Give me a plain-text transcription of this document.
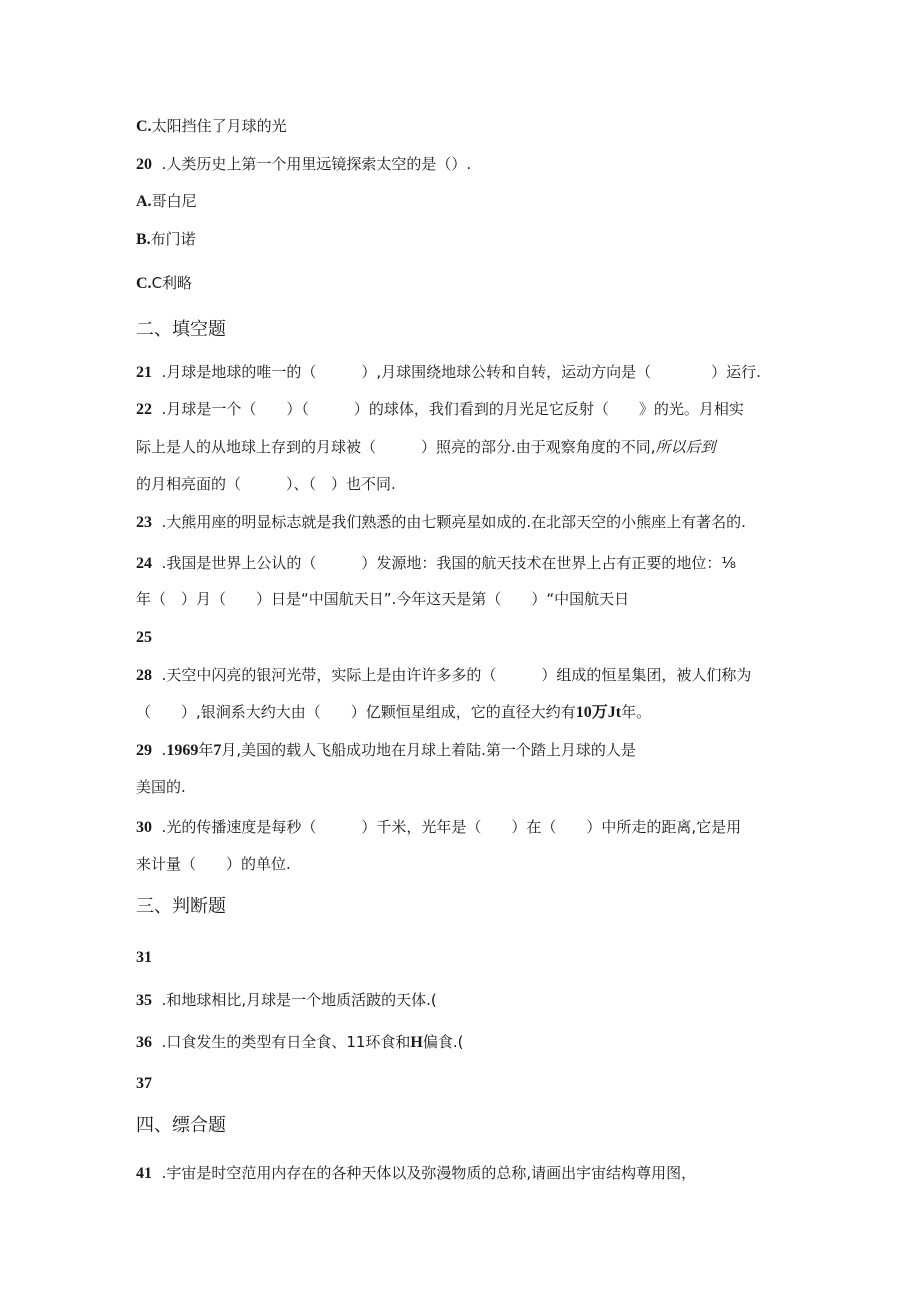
C.太阳挡住了月球的光
20 .人类历史上第一个用里远镜探索太空的是（）.
A.哥白尼
B.布门诺
C.C利略
二、填空题
21 .月球是地球的唯一的（　　　）,月球围绕地球公转和自转，运动方向是（　　　　）运行.
22 .月球是一个（　　）（　　　）的球体，我们看到的月光足它反射（　　》的光。月相实
际上是人的从地球上存到的月球被（　　　）照亮的部分.由于观察角度的不同,所以后到
的月相亮面的（　　　）、（　）也不同.
23 .大熊用座的明显标志就是我们熟悉的由七颗亮星如成的.在北部天空的小熊座上有著名的.
24 .我国是世界上公认的（　　　）发源地：我国的航天技术在世界上占有正要的地位：⅛
年（　）月（　　）日是“中国航天日”.今年这天是第（　　）“中国航天日
25
28 .天空中闪亮的银河光带，实际上是由许许多多的（　　　）组成的恒星集团，被人们称为
（　　）,银涧系大约大由（　　）亿颗恒星组成，它的直径大约有10万Jt年。
29 .1969年7月,美国的载人飞船成功地在月球上着陆.第一个踏上月球的人是
美国的.
30 .光的传播速度是每秒（　　　）千米，光年是（　　）在（　　）中所走的距离,它是用
来计量（　　）的单位.
三、判断题
31
35 .和地球相比,月球是一个地质活跛的天体.(
36 .口食发生的类型有日全食、11环食和H偏食.(
37
四、缥合题
41 .宇宙是时空范用内存在的各种天体以及弥漫物质的总称,请画出宇宙结构尊用图，
